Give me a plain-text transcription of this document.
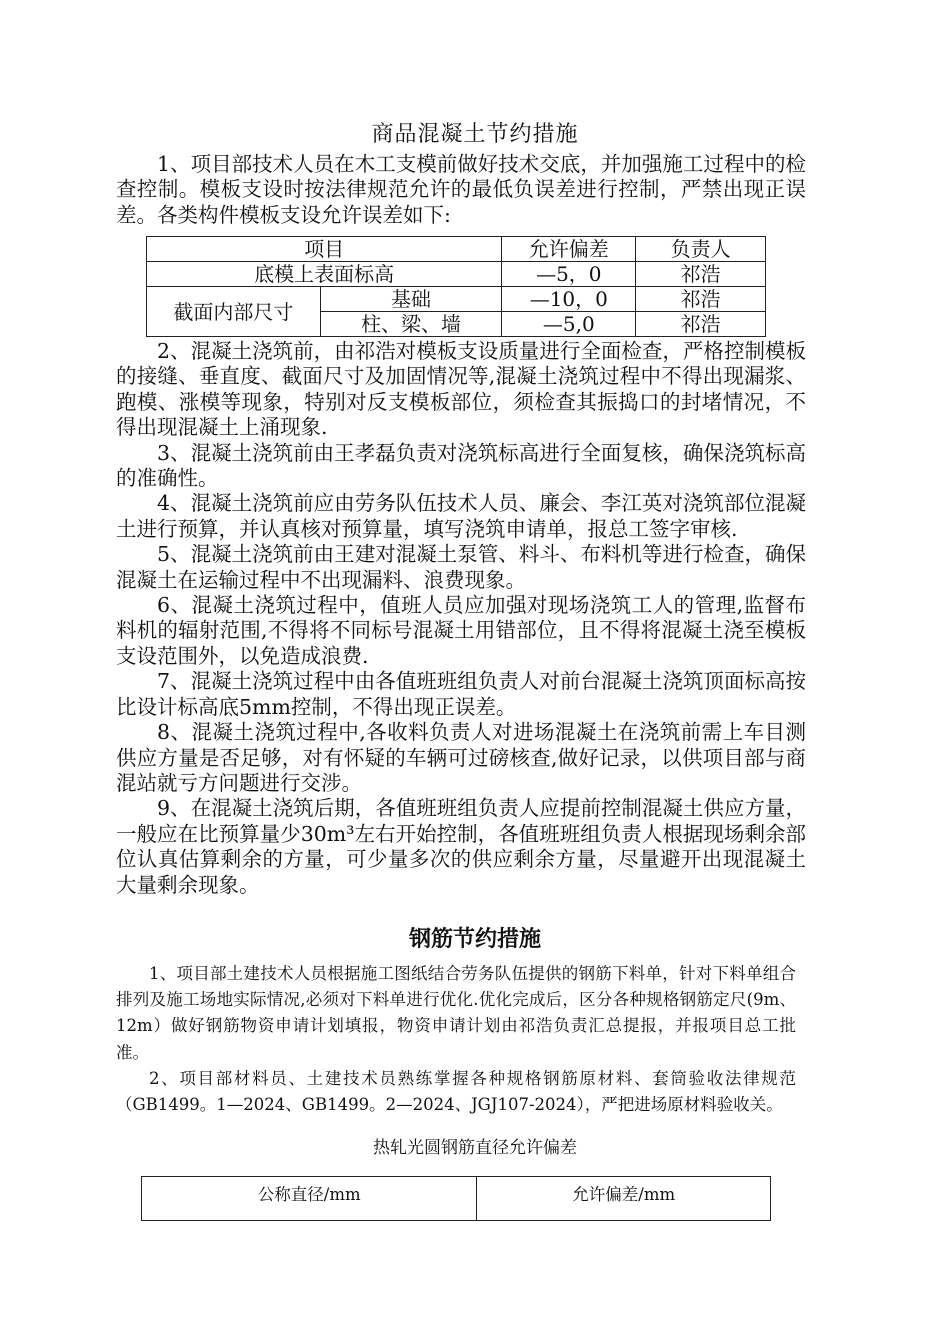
商品混凝土节约措施

1、项目部技术人员在木工支模前做好技术交底，并加强施工过程中的检查控制。模板支设时按法律规范允许的最低负误差进行控制，严禁出现正误差。各类构件模板支设允许误差如下:

项目		允许偏差	负责人
底模上表面标高		—5，0	祁浩
截面内部尺寸	基础	—10，0	祁浩
	柱、梁、墙	—5,0	祁浩

2、混凝土浇筑前，由祁浩对模板支设质量进行全面检查，严格控制模板的接缝、垂直度、截面尺寸及加固情况等,混凝土浇筑过程中不得出现漏浆、跑模、涨模等现象，特别对反支模板部位，须检查其振捣口的封堵情况，不得出现混凝土上涌现象.

3、混凝土浇筑前由王孝磊负责对浇筑标高进行全面复核，确保浇筑标高的准确性。

4、混凝土浇筑前应由劳务队伍技术人员、廉会、李江英对浇筑部位混凝土进行预算，并认真核对预算量，填写浇筑申请单，报总工签字审核.

5、混凝土浇筑前由王建对混凝土泵管、料斗、布料机等进行检查，确保混凝土在运输过程中不出现漏料、浪费现象。

6、混凝土浇筑过程中，值班人员应加强对现场浇筑工人的管理,监督布料机的辐射范围,不得将不同标号混凝土用错部位，且不得将混凝土浇至模板支设范围外，以免造成浪费.

7、混凝土浇筑过程中由各值班班组负责人对前台混凝土浇筑顶面标高按比设计标高底5mm控制，不得出现正误差。

8、混凝土浇筑过程中,各收料负责人对进场混凝土在浇筑前需上车目测供应方量是否足够，对有怀疑的车辆可过磅核查,做好记录，以供项目部与商混站就亏方问题进行交涉。

9、在混凝土浇筑后期，各值班班组负责人应提前控制混凝土供应方量，一般应在比预算量少30m³左右开始控制，各值班班组负责人根据现场剩余部位认真估算剩余的方量，可少量多次的供应剩余方量，尽量避开出现混凝土大量剩余现象。

钢筋节约措施

1、项目部土建技术人员根据施工图纸结合劳务队伍提供的钢筋下料单，针对下料单组合排列及施工场地实际情况,必须对下料单进行优化.优化完成后，区分各种规格钢筋定尺(9m、12m）做好钢筋物资申请计划填报，物资申请计划由祁浩负责汇总提报，并报项目总工批准。

2、项目部材料员、土建技术员熟练掌握各种规格钢筋原材料、套筒验收法律规范（GB1499。1—2024、GB1499。2—2024、JGJ107-2024），严把进场原材料验收关。

热轧光圆钢筋直径允许偏差
公称直径/mm	允许偏差/mm
